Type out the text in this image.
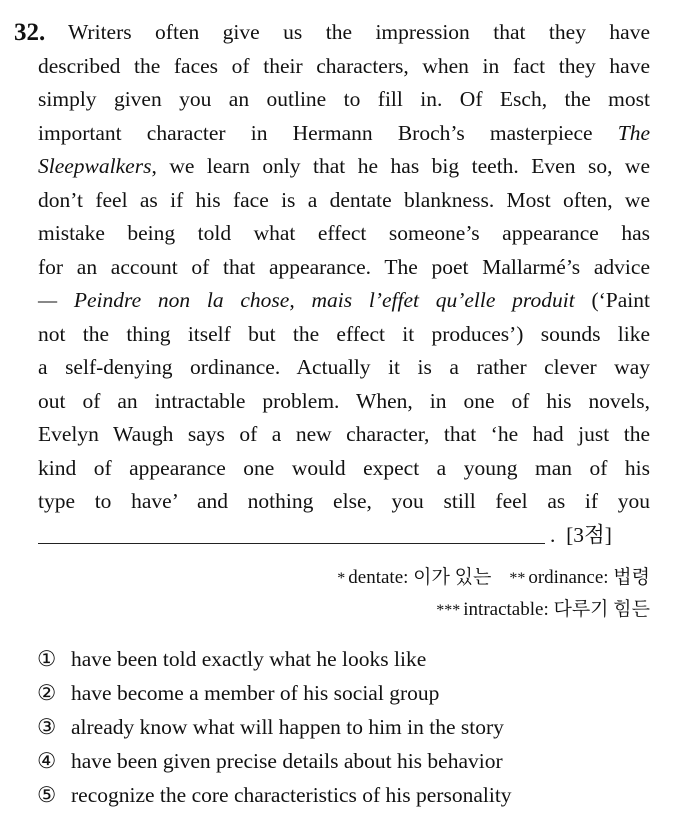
32.	Writers often give us the impression that they have
described the faces of their characters, when in fact they have
simply given you an outline to fill in. Of Esch, the most
important character in Hermann Broch’s masterpiece The
Sleepwalkers, we learn only that he has big teeth. Even so, we
don’t feel as if his face is a dentate blankness. Most often, we
mistake being told what effect someone’s appearance has
for an account of that appearance. The poet Mallarmé’s advice
— Peindre non la chose, mais l’effet qu’elle produit (‘Paint
not the thing itself but the effect it produces’) sounds like
a self-denying ordinance. Actually it is a rather clever way
out of an intractable problem. When, in one of his novels,
Evelyn Waugh says of a new character, that ‘he had just the
kind of appearance one would expect a young man of his
type to have’ and nothing else, you still feel as if you
. [3점]
* dentate: 이가 있는 ** ordinance: 법령
*** intractable: 다루기 힘든
① have been told exactly what he looks like
② have become a member of his social group
③ already know what will happen to him in the story
④ have been given precise details about his behavior
⑤ recognize the core characteristics of his personality
